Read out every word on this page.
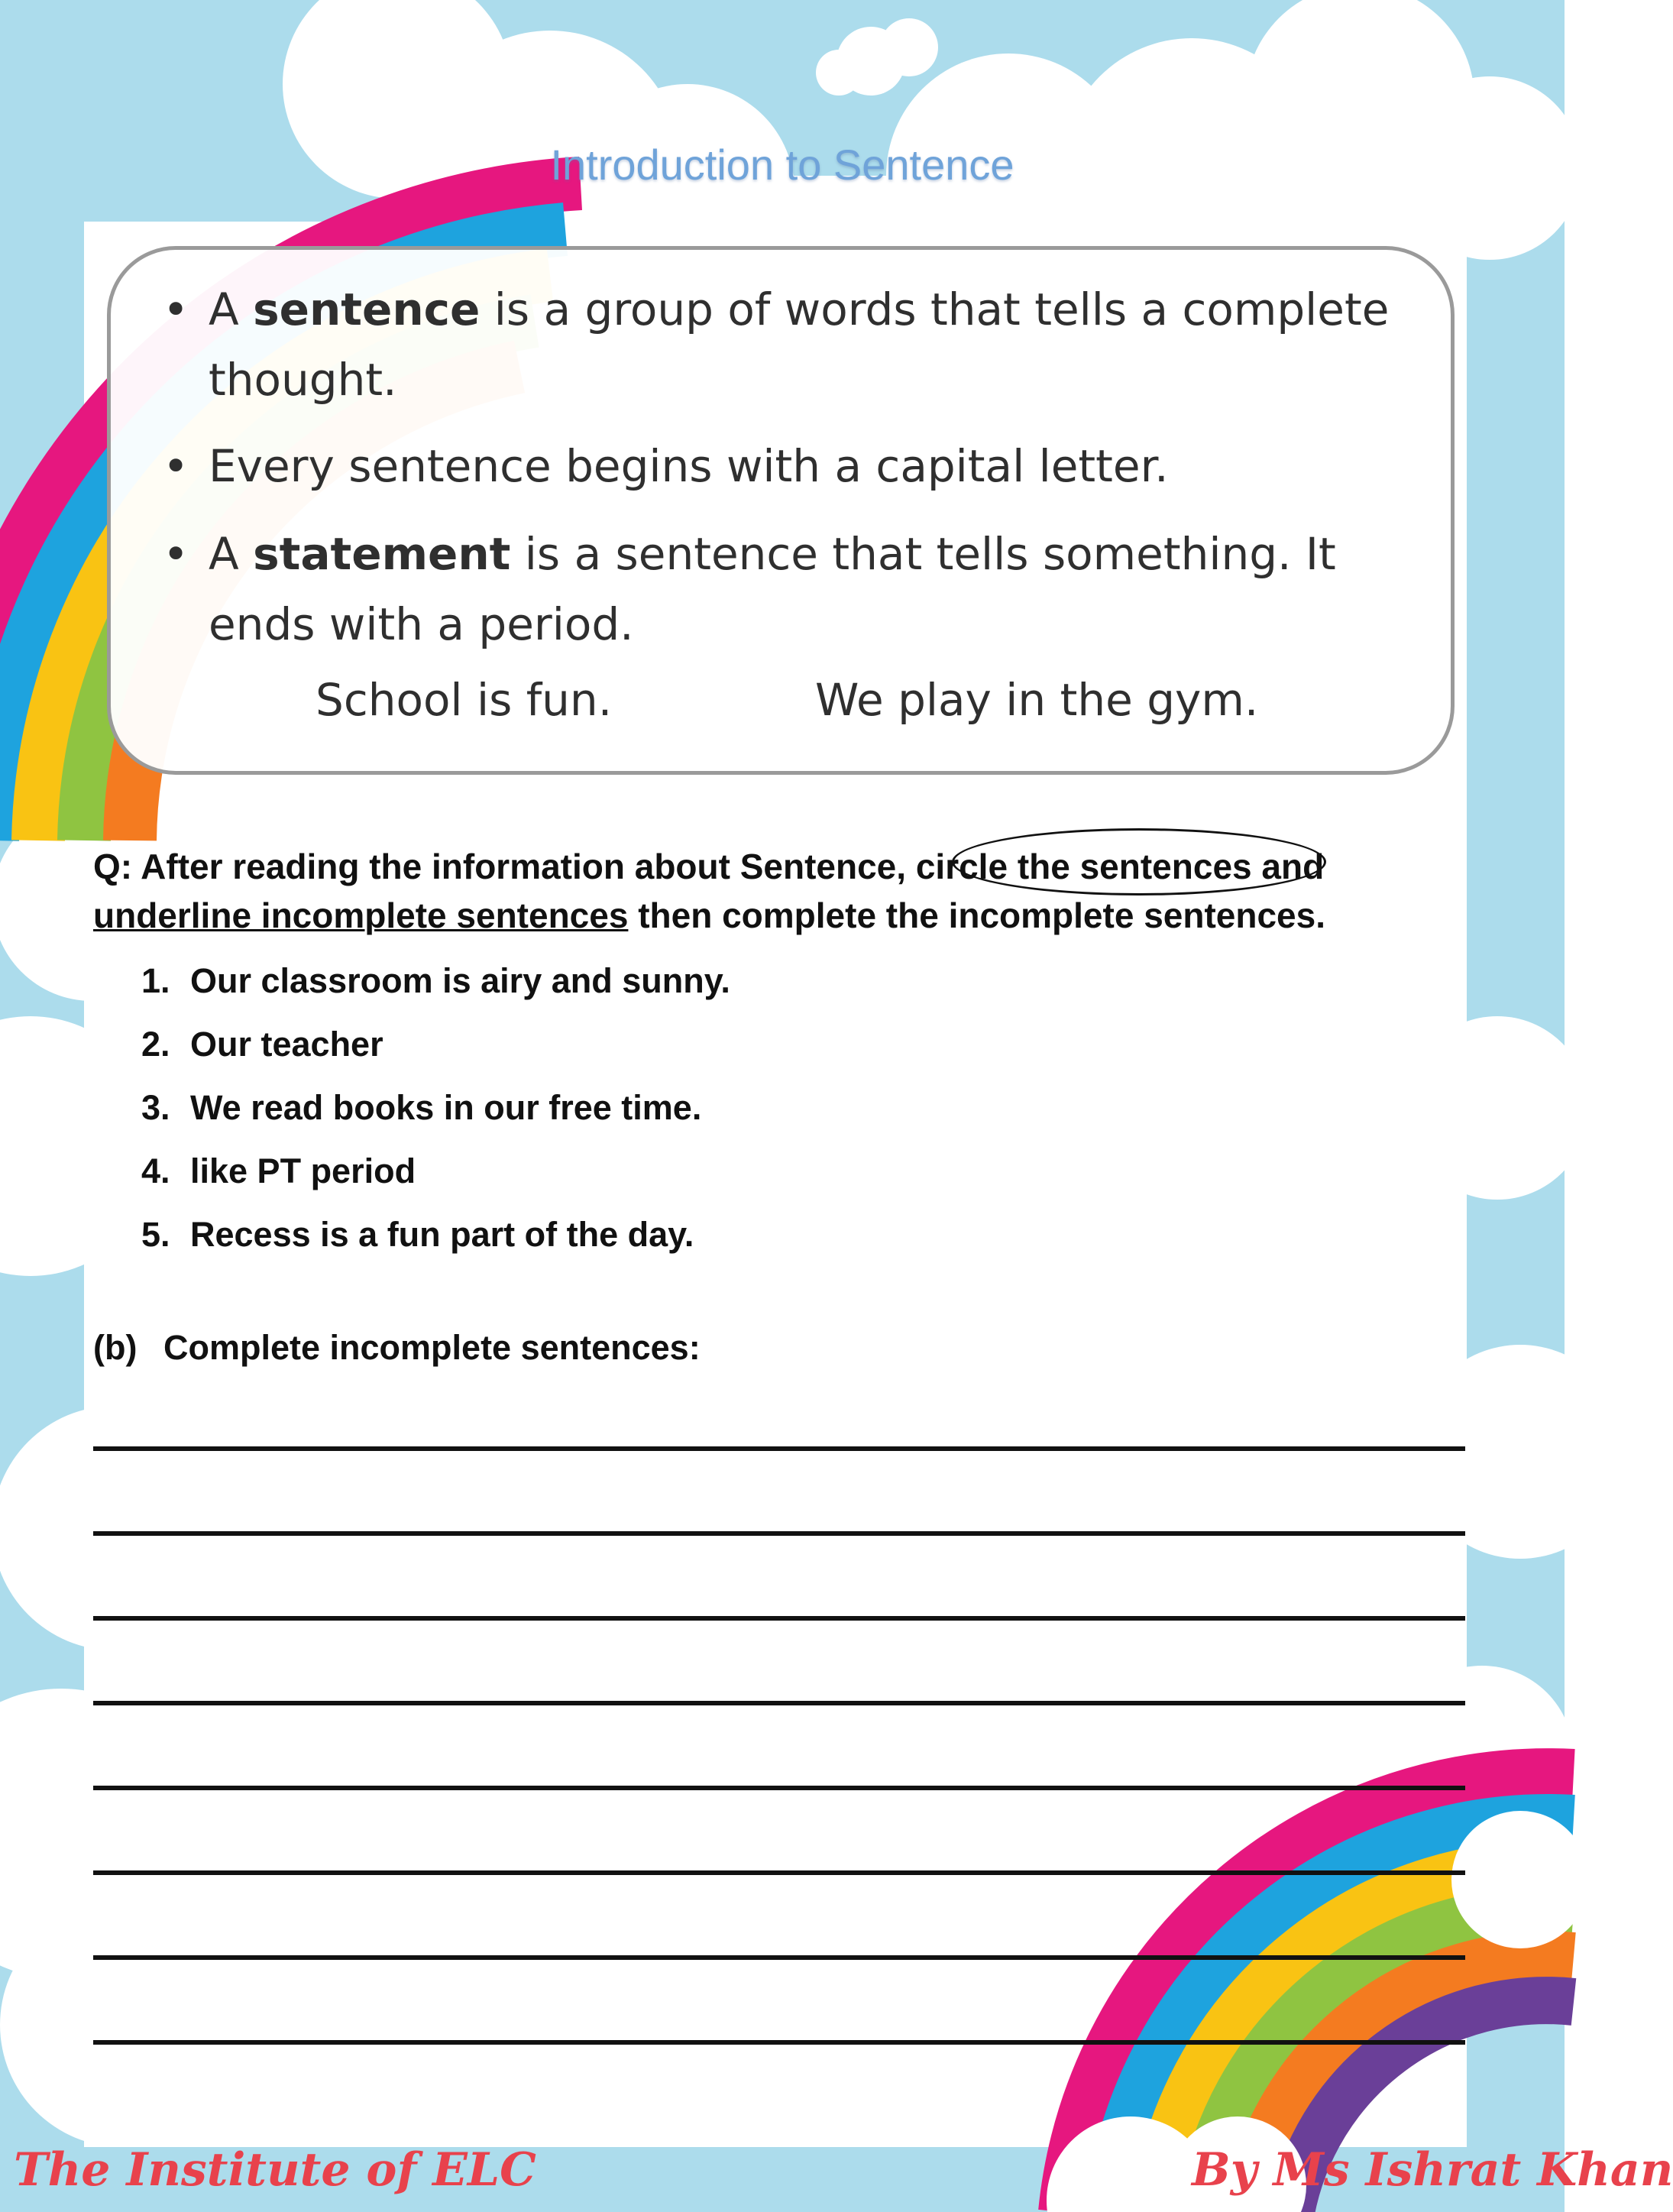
Introduction to Sentence
• A sentence is a group of words that tells a complete thought.
• Every sentence begins with a capital letter.
• A statement is a sentence that tells something. It ends with a period.
School is fun.	We play in the gym.
Q: After reading the information about Sentence, circle the sentences and underline incomplete sentences then complete the incomplete sentences.
1. Our classroom is airy and sunny.
2. Our teacher
3. We read books in our free time.
4. like PT period
5. Recess is a fun part of the day.
(b) Complete incomplete sentences:
The Institute of ELC	By Ms Ishrat Khan
